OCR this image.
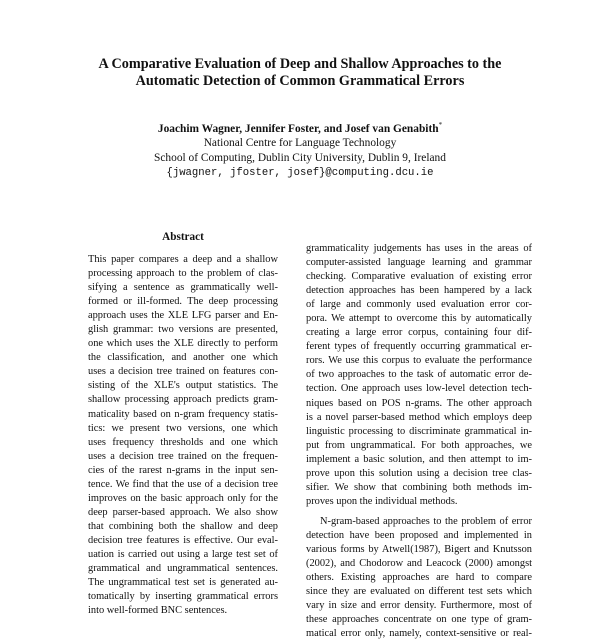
A Comparative Evaluation of Deep and Shallow Approaches to the
Automatic Detection of Common Grammatical Errors
Joachim Wagner, Jennifer Foster, and Josef van Genabith*
National Centre for Language Technology
School of Computing, Dublin City University, Dublin 9, Ireland
{jwagner, jfoster, josef}@computing.dcu.ie
Abstract
This paper compares a deep and a shallow
processing approach to the problem of clas-
sifying a sentence as grammatically well-
formed or ill-formed. The deep processing
approach uses the XLE LFG parser and En-
glish grammar: two versions are presented,
one which uses the XLE directly to perform
the classification, and another one which
uses a decision tree trained on features con-
sisting of the XLE's output statistics. The
shallow processing approach predicts gram-
maticality based on n-gram frequency statis-
tics: we present two versions, one which
uses frequency thresholds and one which
uses a decision tree trained on the frequen-
cies of the rarest n-grams in the input sen-
tence. We find that the use of a decision tree
improves on the basic approach only for the
deep parser-based approach. We also show
that combining both the shallow and deep
decision tree features is effective. Our eval-
uation is carried out using a large test set of
grammatical and ungrammatical sentences.
The ungrammatical test set is generated au-
tomatically by inserting grammatical errors
into well-formed BNC sentences.
grammaticality judgements has uses in the areas of
computer-assisted language learning and grammar
checking. Comparative evaluation of existing error
detection approaches has been hampered by a lack
of large and commonly used evaluation error cor-
pora. We attempt to overcome this by automatically
creating a large error corpus, containing four dif-
ferent types of frequently occurring grammatical er-
rors. We use this corpus to evaluate the performance
of two approaches to the task of automatic error de-
tection. One approach uses low-level detection tech-
niques based on POS n-grams. The other approach
is a novel parser-based method which employs deep
linguistic processing to discriminate grammatical in-
put from ungrammatical. For both approaches, we
implement a basic solution, and then attempt to im-
prove upon this solution using a decision tree clas-
sifier. We show that combining both methods im-
proves upon the individual methods.
N-gram-based approaches to the problem of error
detection have been proposed and implemented in
various forms by Atwell(1987), Bigert and Knutsson
(2002), and Chodorow and Leacock (2000) amongst
others. Existing approaches are hard to compare
since they are evaluated on different test sets which
vary in size and error density. Furthermore, most of
these approaches concentrate on one type of gram-
matical error only, namely, context-sensitive or real-
